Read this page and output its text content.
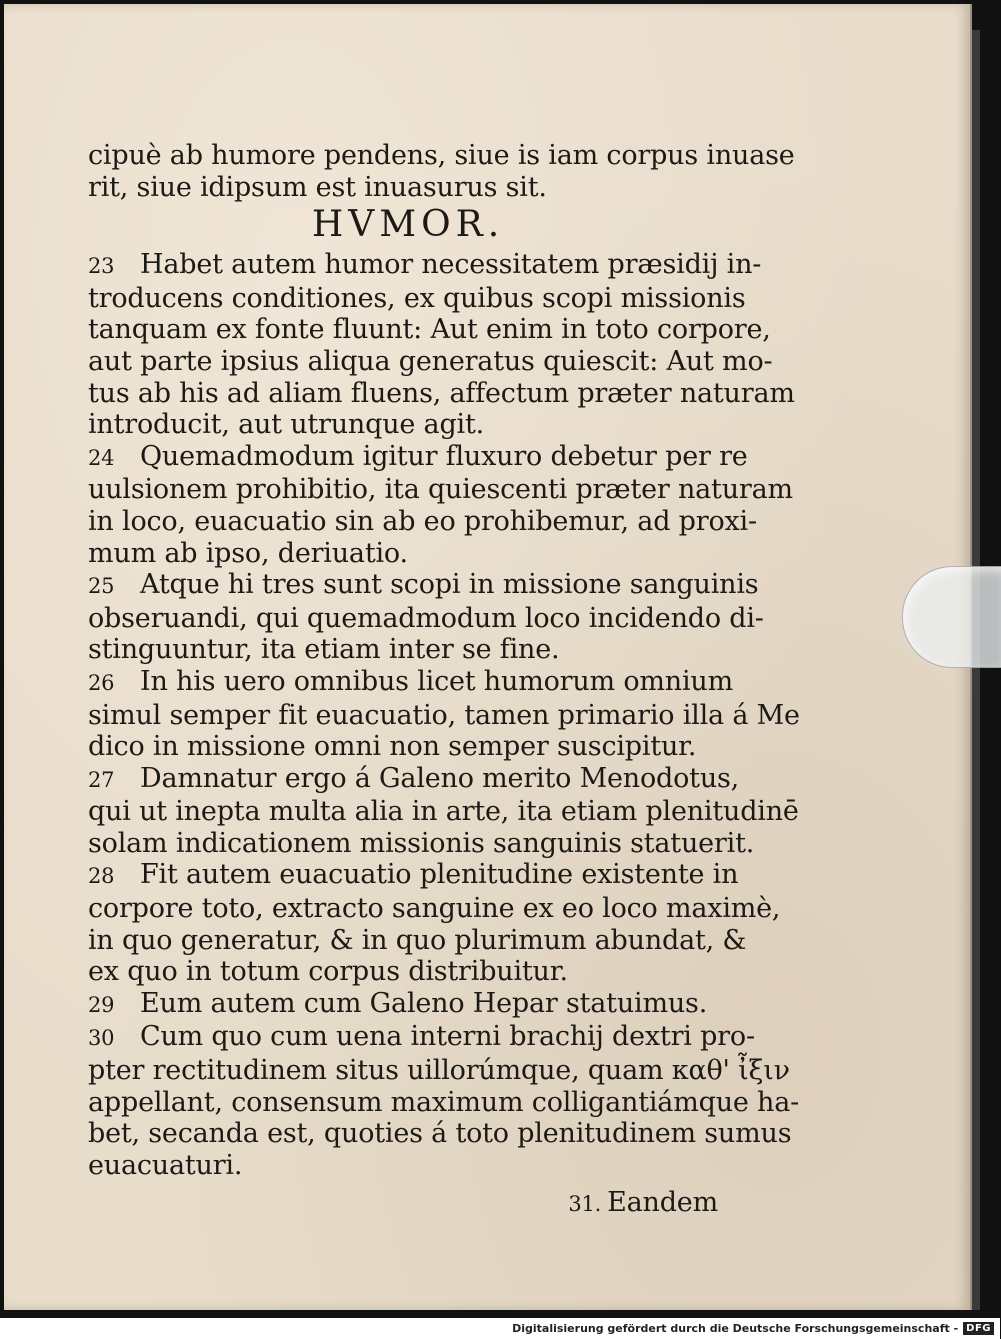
cipuè ab humore pendens, siue is iam corpus inuase
rit, siue idipsum est inuasurus sit.
HVMOR.
23 Habet autem humor necessitatem præsidij in-
troducens conditiones, ex quibus scopi missionis
tanquam ex fonte fluunt: Aut enim in toto corpore,
aut parte ipsius aliqua generatus quiescit: Aut mo-
tus ab his ad aliam fluens, affectum præter naturam
introducit, aut utrunque agit.
24 Quemadmodum igitur fluxuro debetur per re
uulsionem prohibitio, ita quiescenti præter naturam
in loco, euacuatio sin ab eo prohibemur, ad proxi-
mum ab ipso, deriuatio.
25 Atque hi tres sunt scopi in missione sanguinis
obseruandi, qui quemadmodum loco incidendo di-
stinguuntur, ita etiam inter se fine.
26 In his uero omnibus licet humorum omnium
simul semper fit euacuatio, tamen primario illa á Me
dico in missione omni non semper suscipitur.
27 Damnatur ergo á Galeno merito Menodotus,
qui ut inepta multa alia in arte, ita etiam plenitudinē
solam indicationem missionis sanguinis statuerit.
28 Fit autem euacuatio plenitudine existente in
corpore toto, extracto sanguine ex eo loco maximè,
in quo generatur, & in quo plurimum abundat, &
ex quo in totum corpus distribuitur.
29 Eum autem cum Galeno Hepar statuimus.
30 Cum quo cum uena interni brachij dextri pro-
pter rectitudinem situs uillorúmque, quam καθ' ἶξιν
appellant, consensum maximum colligantiámque ha-
bet, secanda est, quoties á toto plenitudinem sumus
euacuaturi.
31. Eandem
Digitalisierung gefördert durch die Deutsche Forschungsgemeinschaft - DFG
